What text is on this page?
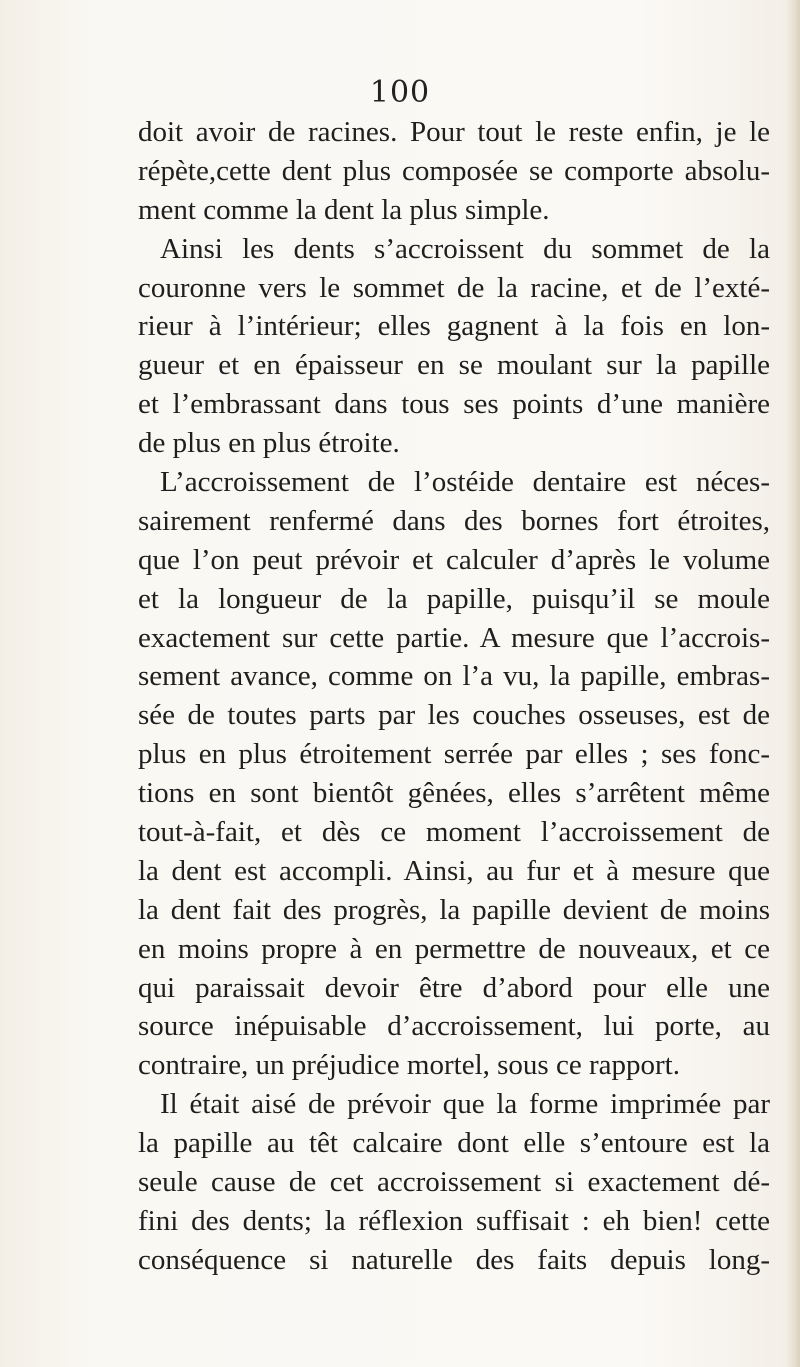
100
doit avoir de racines. Pour tout le reste enfin, je le
répète,cette dent plus composée se comporte absolu-
ment comme la dent la plus simple.
Ainsi les dents s’accroissent du sommet de la
couronne vers le sommet de la racine, et de l’exté-
rieur à l’intérieur; elles gagnent à la fois en lon-
gueur et en épaisseur en se moulant sur la papille
et l’embrassant dans tous ses points d’une manière
de plus en plus étroite.
L’accroissement de l’ostéide dentaire est néces-
sairement renfermé dans des bornes fort étroites,
que l’on peut prévoir et calculer d’après le volume
et la longueur de la papille, puisqu’il se moule
exactement sur cette partie. A mesure que l’accrois-
sement avance, comme on l’a vu, la papille, embras-
sée de toutes parts par les couches osseuses, est de
plus en plus étroitement serrée par elles ; ses fonc-
tions en sont bientôt gênées, elles s’arrêtent même
tout-à-fait, et dès ce moment l’accroissement de
la dent est accompli. Ainsi, au fur et à mesure que
la dent fait des progrès, la papille devient de moins
en moins propre à en permettre de nouveaux, et ce
qui paraissait devoir être d’abord pour elle une
source inépuisable d’accroissement, lui porte, au
contraire, un préjudice mortel, sous ce rapport.
Il était aisé de prévoir que la forme imprimée par
la papille au têt calcaire dont elle s’entoure est la
seule cause de cet accroissement si exactement dé-
fini des dents; la réflexion suffisait : eh bien! cette
conséquence si naturelle des faits depuis long-
